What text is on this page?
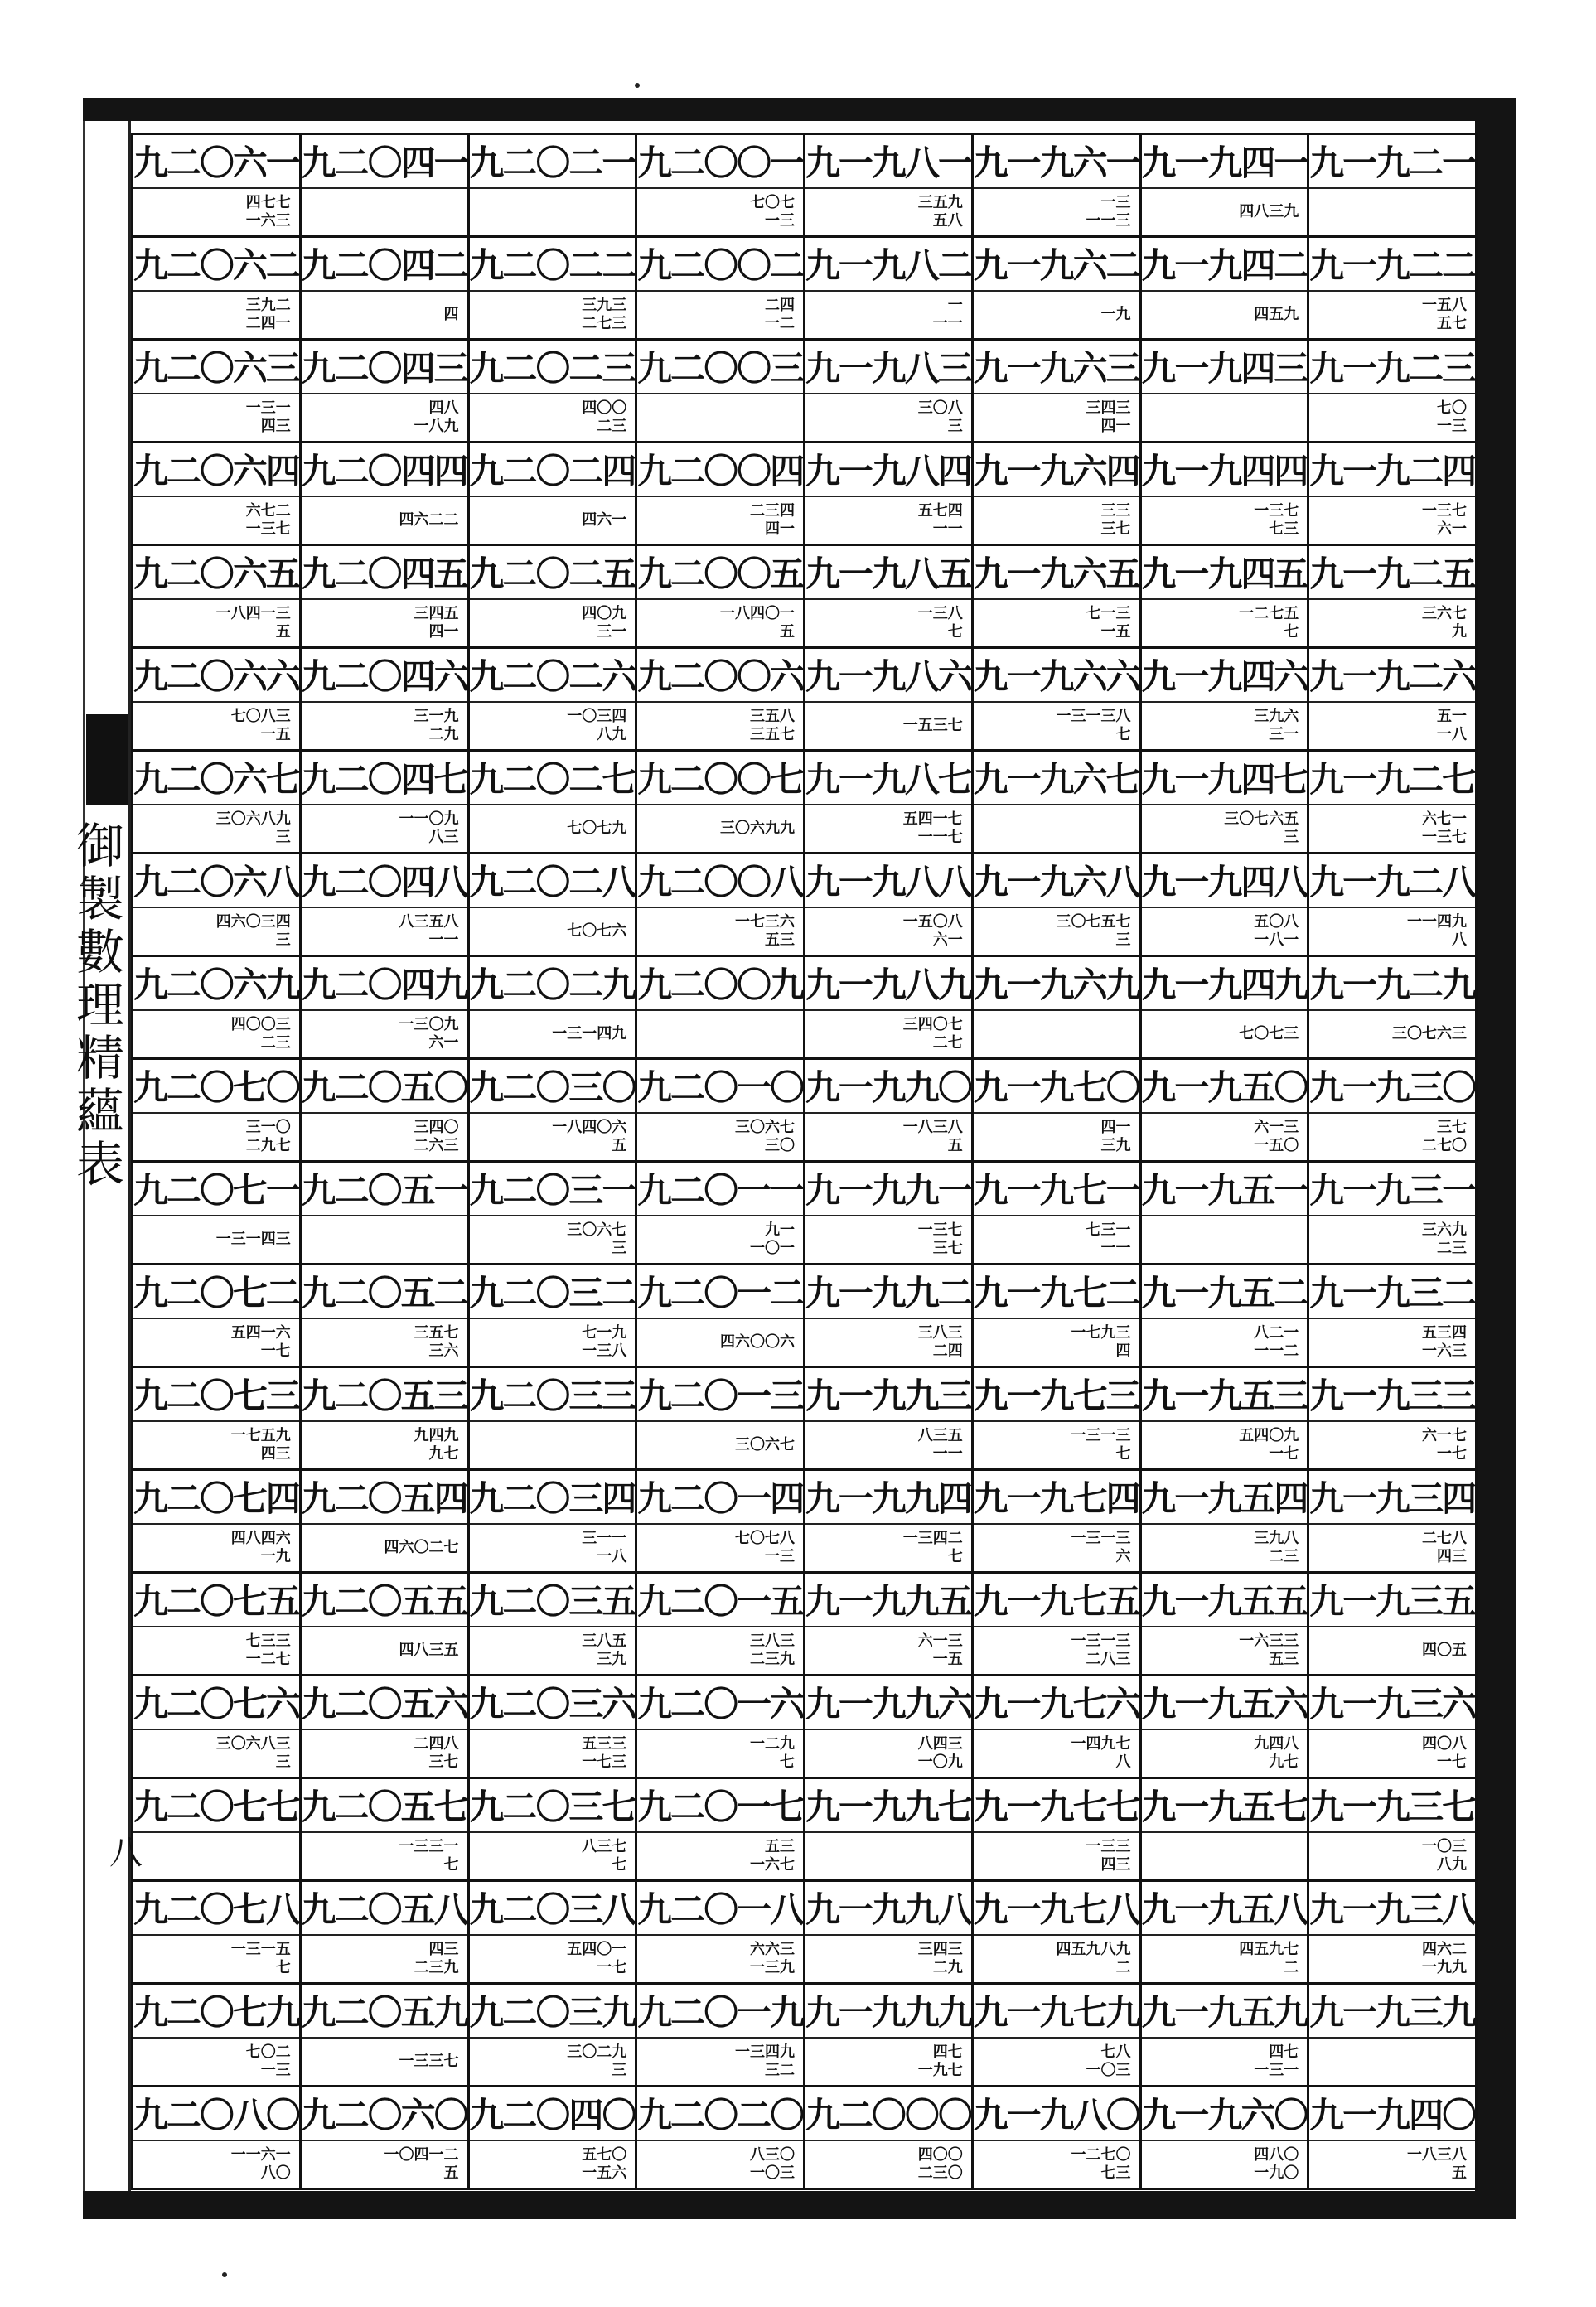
御製數理精蘊表
八
九二〇六一
四七七
一六三
九二〇四一 九二〇二一 九二〇〇一
七〇七
一三
九一九八一
三五九
五八
九一九六一
一三
一一三
九一九四一
四八三九
九一九二一
九二〇六二
三九二
二四一
九二〇四二
四
九二〇二二
三九三
二七三
九二〇〇二
二四
一二
九一九八二
一
一一
九一九六二
一九
九一九四二
四五九
九一九二二
一五八
五七
九二〇六三
一三一
四三
九二〇四三
四八
一八九
九二〇二三
四〇〇
二三
九二〇〇三 九一九八三
三〇八
三
九一九六三
三四三
四一
九一九四三 九一九二三
七〇
一三
九二〇六四
六七二
一三七
九二〇四四
四六二二
九二〇二四
四六一
九二〇〇四
二三四
四一
九一九八四
五七四
一一
九一九六四
三三
三七
九一九四四
一三七
七三
九一九二四
一三七
六一
九二〇六五
一八四一三
五
九二〇四五
三四五
四一
九二〇二五
四〇九
三一
九二〇〇五
一八四〇一
五
九一九八五
一三八
七
九一九六五
七一三
一五
九一九四五
一二七五
七
九一九二五
三六七
九
九二〇六六
七〇八三
一五
九二〇四六
三一九
二九
九二〇二六
一〇三四
八九
九二〇〇六
三五八
三五七
九一九八六
一五三七
九一九六六
一三一三八
七
九一九四六
三九六
三一
九一九二六
五一
一八
九二〇六七
三〇六八九
三
九二〇四七
一一〇九
八三
九二〇二七
七〇七九
九二〇〇七
三〇六九九
九一九八七
五四一七
一一七
九一九六七 九一九四七
三〇七六五
三
九一九二七
六七一
一三七
九二〇六八
四六〇三四
三
九二〇四八
八三五八
一一
九二〇二八
七〇七六
九二〇〇八
一七三六
五三
九一九八八
一五〇八
六一
九一九六八
三〇七五七
三
九一九四八
五〇八
一八一
九一九二八
一一四九
八
九二〇六九
四〇〇三
二三
九二〇四九
一三〇九
六一
九二〇二九
一三一四九
九二〇〇九 九一九八九
三四〇七
二七
九一九六九 九一九四九
七〇七三
九一九二九
三〇七六三
九二〇七〇
三一〇
二九七
九二〇五〇
三四〇
二六三
九二〇三〇
一八四〇六
五
九二〇一〇
三〇六七
三〇
九一九九〇
一八三八
五
九一九七〇
四一
三九
九一九五〇
六一三
一五〇
九一九三〇
三七
二七〇
九二〇七一
一三一四三
九二〇五一 九二〇三一
三〇六七
三
九二〇一一
九一
一〇一
九一九九一
一三七
三七
九一九七一
七三一
一一
九一九五一 九一九三一
三六九
二三
九二〇七二
五四一六
一七
九二〇五二
三五七
三六
九二〇三二
七一九
一三八
九二〇一二
四六〇〇六
九一九九二
三八三
二四
九一九七二
一七九三
四
九一九五二
八二一
一一二
九一九三二
五三四
一六三
九二〇七三
一七五九
四三
九二〇五三
九四九
九七
九二〇三三 九二〇一三
三〇六七
九一九九三
八三五
一一
九一九七三
一三一三
七
九一九五三
五四〇九
一七
九一九三三
六一七
一七
九二〇七四
四八四六
一九
九二〇五四
四六〇二七
九二〇三四
三一一
一八
九二〇一四
七〇七八
一三
九一九九四
一三四二
七
九一九七四
一三一三
六
九一九五四
三九八
二三
九一九三四
二七八
四三
九二〇七五
七三三
一二七
九二〇五五
四八三五
九二〇三五
三八五
三九
九二〇一五
三八三
二三九
九一九九五
六一三
一五
九一九七五
一三一三
二八三
九一九五五
一六三三
五三
九一九三五
四〇五
九二〇七六
三〇六八三
三
九二〇五六
二四八
三七
九二〇三六
五三三
一七三
九二〇一六
一二九
七
九一九九六
八四三
一〇九
九一九七六
一四九七
八
九一九五六
九四八
九七
九一九三六
四〇八
一七
九二〇七七 九二〇五七
一三三一
七
九二〇三七
八三七
七
九二〇一七
五三
一六七
九一九九七 九一九七七
一三三
四三
九一九五七 九一九三七
一〇三
八九
九二〇七八
一三一五
七
九二〇五八
四三
二三九
九二〇三八
五四〇一
一七
九二〇一八
六六三
一三九
九一九九八
三四三
二九
九一九七八
四五九八九
二
九一九五八
四五九七
二
九一九三八
四六二
一九九
九二〇七九
七〇二
一三
九二〇五九
一三三七
九二〇三九
三〇二九
三
九二〇一九
一三四九
三二
九一九九九
四七
一九七
九一九七九
七八
一〇三
九一九五九
四七
一三一
九一九三九
九二〇八〇
一一六一
八〇
九二〇六〇
一〇四一二
五
九二〇四〇
五七〇
一五六
九二〇二〇
八三〇
一〇三
九二〇〇〇
四〇〇
二三〇
九一九八〇
一二七〇
七三
九一九六〇
四八〇
一九〇
九一九四〇
一八三八
五
